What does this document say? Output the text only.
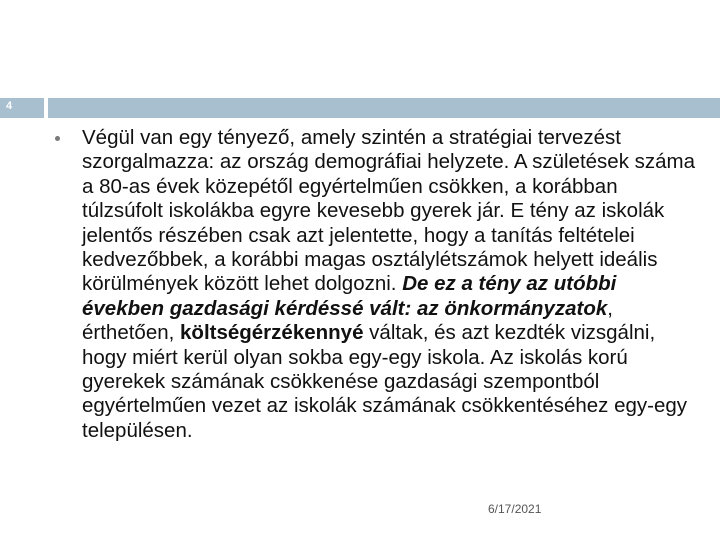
4
Végül van egy tényező, amely szintén a stratégiai tervezést szorgalmazza: az ország demográfiai helyzete. A születések száma a 80-as évek közepétől egyértelműen csökken, a korábban túlzsúfolt iskolákba egyre kevesebb gyerek jár. E tény az iskolák jelentős részében csak azt jelentette, hogy a tanítás feltételei kedvezőbbek, a korábbi magas osztálylétszámok helyett ideális körülmények között lehet dolgozni. De ez a tény az utóbbi években gazdasági kérdéssé vált: az önkormányzatok, érthetően, költségérzékennyé váltak, és azt kezdték vizsgálni, hogy miért kerül olyan sokba egy-egy iskola. Az iskolás korú gyerekek számának csökkenése gazdasági szempontból egyértelműen vezet az iskolák számának csökkentéséhez egy-egy településen.
6/17/2021
